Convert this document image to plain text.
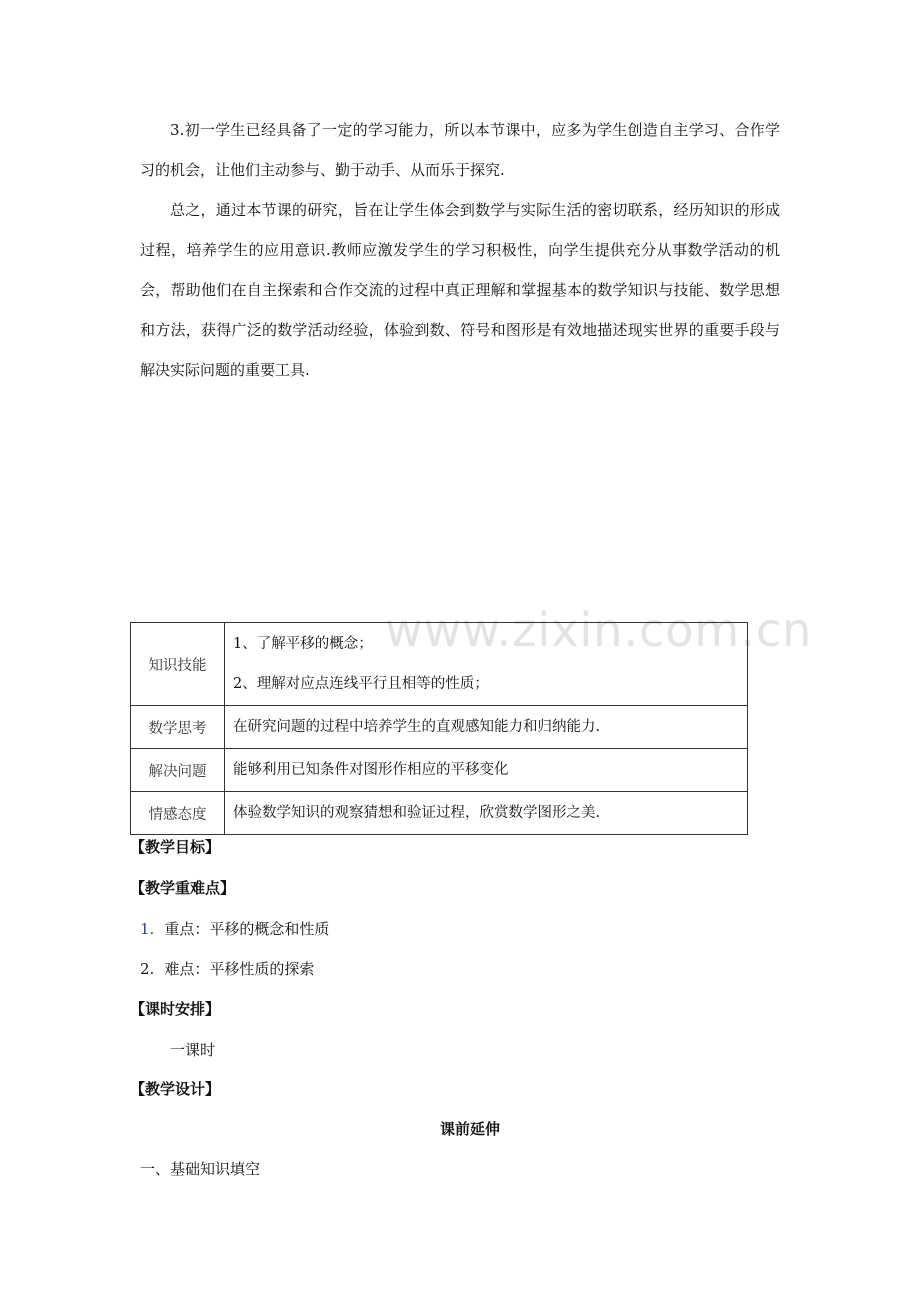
3.初一学生已经具备了一定的学习能力，所以本节课中，应多为学生创造自主学习、合作学习的机会，让他们主动参与、勤于动手、从而乐于探究.

总之，通过本节课的研究，旨在让学生体会到数学与实际生活的密切联系，经历知识的形成过程，培养学生的应用意识.教师应激发学生的学习积极性，向学生提供充分从事数学活动的机会，帮助他们在自主探索和合作交流的过程中真正理解和掌握基本的数学知识与技能、数学思想和方法，获得广泛的数学活动经验，体验到数、符号和图形是有效地描述现实世界的重要手段与解决实际问题的重要工具.

www.zixin.com.cn
知识技能	1、了解平移的概念；
2、理解对应点连线平行且相等的性质；

数学思考	在研究问题的过程中培养学生的直观感知能力和归纳能力.

解决问题	能够利用已知条件对图形作相应的平移变化

情感态度	体验数学知识的观察猜想和验证过程，欣赏数学图形之美.

【教学目标】

【教学重难点】

1. 重点：平移的概念和性质

2. 难点：平移性质的探索

【课时安排】

一课时

【教学设计】

课前延伸

一、基础知识填空
